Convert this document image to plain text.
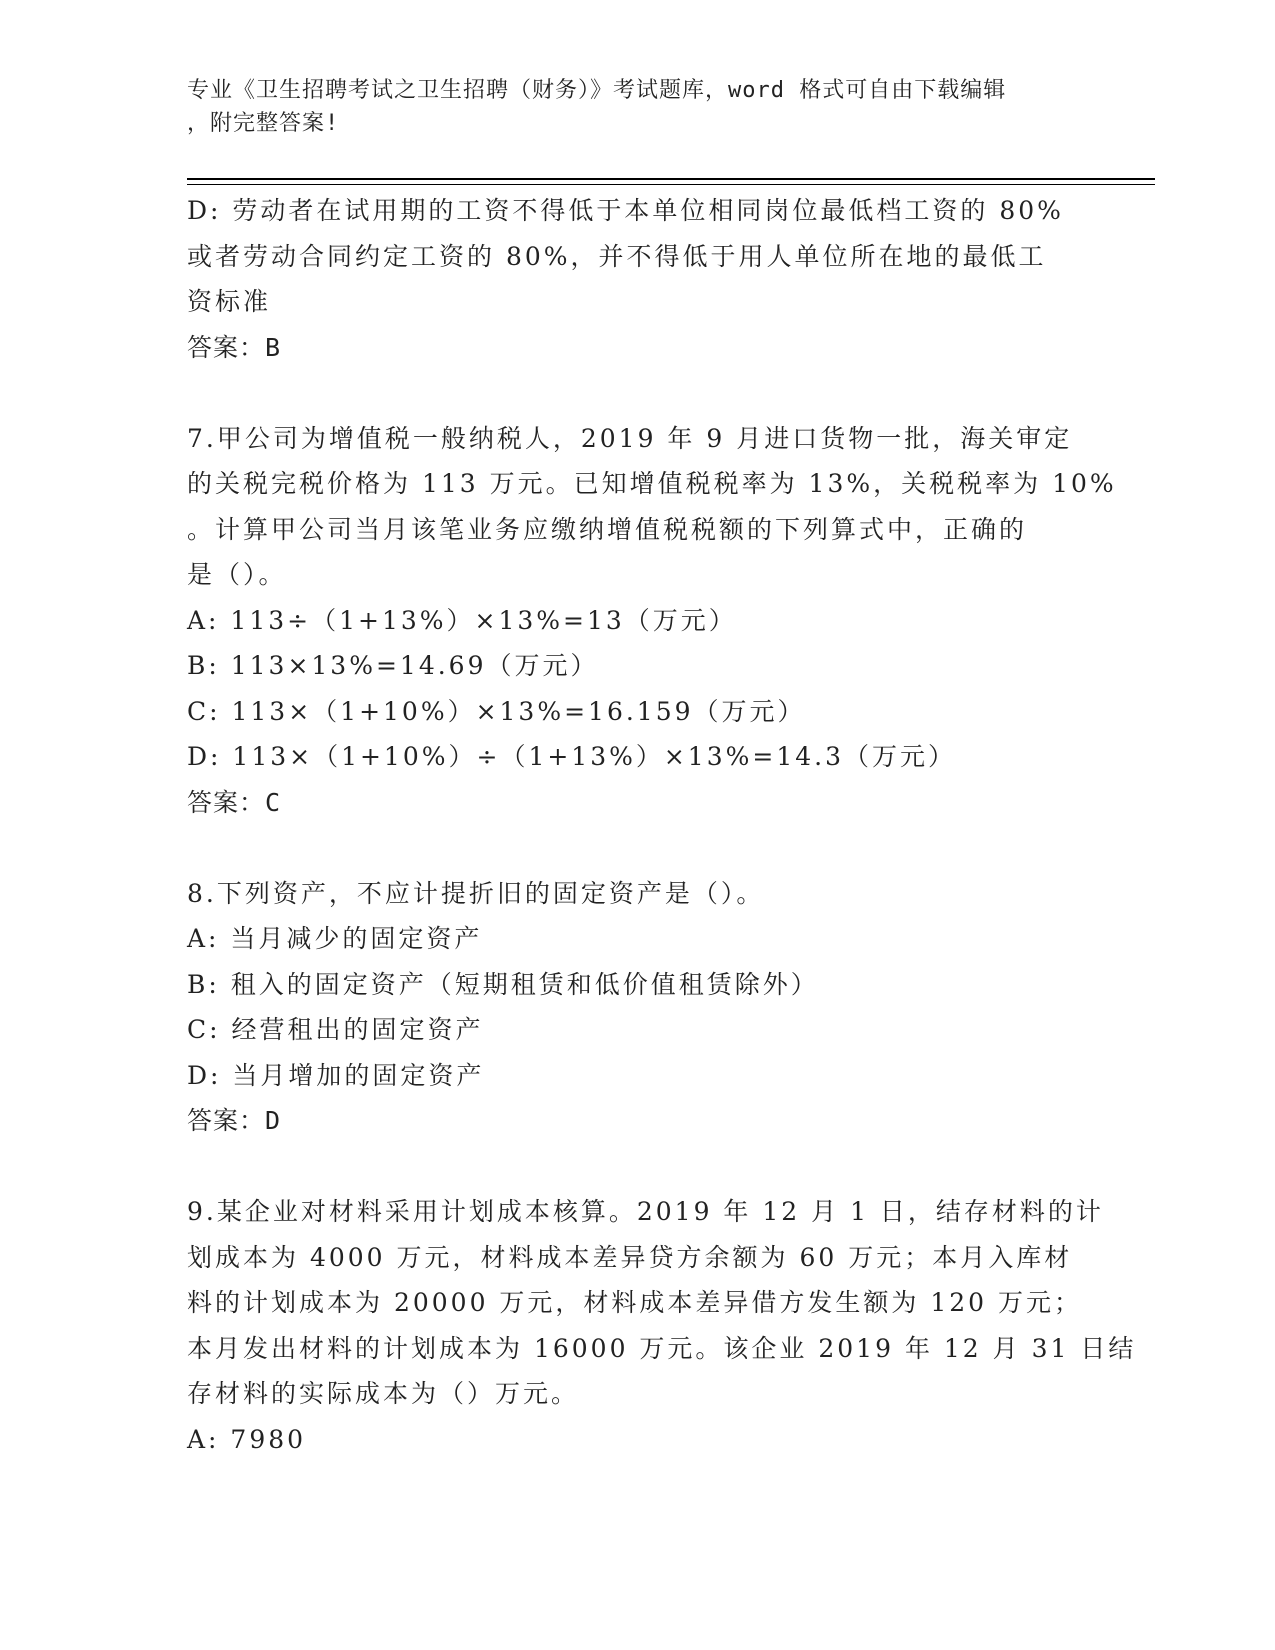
专业《卫生招聘考试之卫生招聘（财务）》考试题库，word 格式可自由下载编辑
，附完整答案!
D: 劳动者在试用期的工资不得低于本单位相同岗位最低档工资的 80%
或者劳动合同约定工资的 80%，并不得低于用人单位所在地的最低工
资标准
答案：B
7.甲公司为增值税一般纳税人，2019 年 9 月进口货物一批，海关审定
的关税完税价格为 113 万元。已知增值税税率为 13%，关税税率为 10%
。计算甲公司当月该笔业务应缴纳增值税税额的下列算式中，正确的
是（）。
A: 113÷（1+13%）×13%=13（万元）
B: 113×13%=14.69（万元）
C: 113×（1+10%）×13%=16.159（万元）
D: 113×（1+10%）÷（1+13%）×13%=14.3（万元）
答案：C
8.下列资产，不应计提折旧的固定资产是（）。
A: 当月减少的固定资产
B: 租入的固定资产（短期租赁和低价值租赁除外）
C: 经营租出的固定资产
D: 当月增加的固定资产
答案：D
9.某企业对材料采用计划成本核算。2019 年 12 月 1 日，结存材料的计
划成本为 4000 万元，材料成本差异贷方余额为 60 万元；本月入库材
料的计划成本为 20000 万元，材料成本差异借方发生额为 120 万元；
本月发出材料的计划成本为 16000 万元。该企业 2019 年 12 月 31 日结
存材料的实际成本为（）万元。
A: 7980
